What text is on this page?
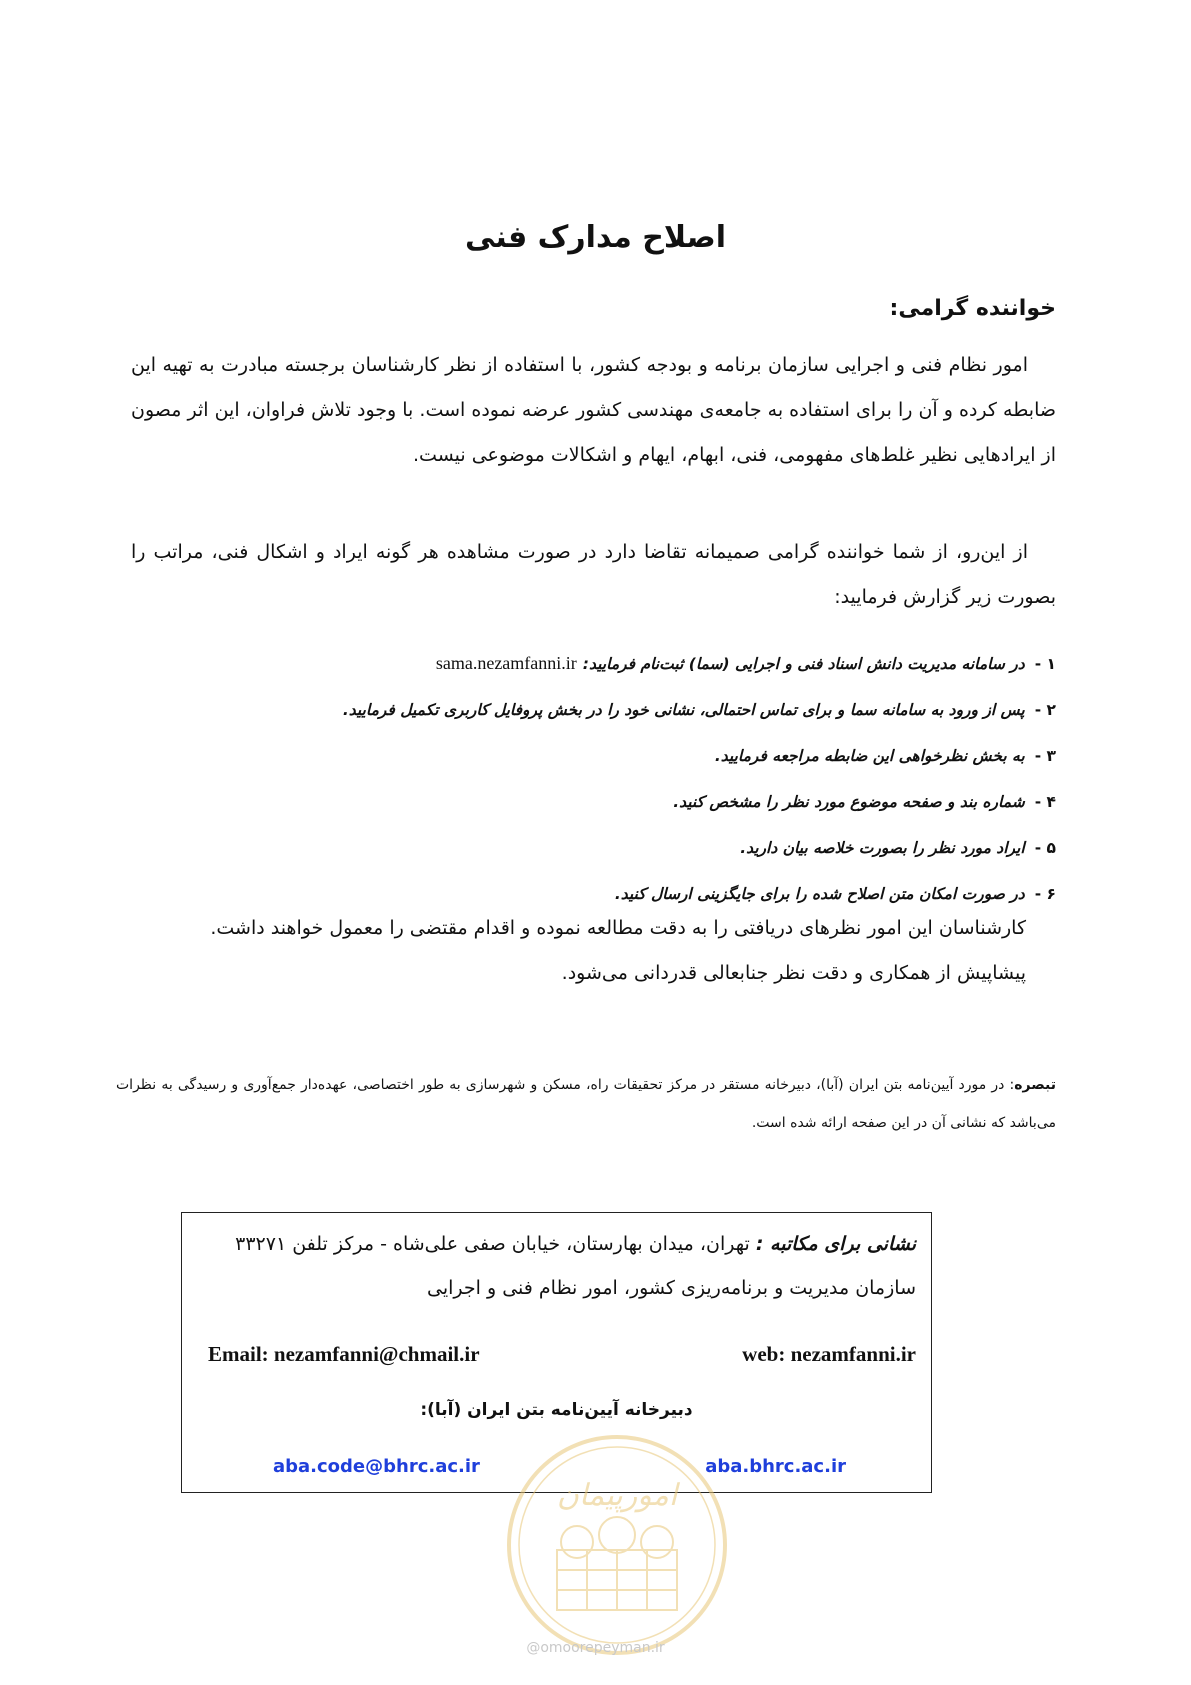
اصلاح مدارک فنی
خواننده گرامی:
امور نظام فنی و اجرایی سازمان برنامه و بودجه کشور، با استفاده از نظر کارشناسان برجسته مبادرت به تهیه این ضابطه کرده و آن را برای استفاده به جامعه‌ی مهندسی کشور عرضه نموده است. با وجود تلاش فراوان، این اثر مصون از ایرادهایی نظیر غلط‌های مفهومی، فنی، ابهام، ایهام و اشکالات موضوعی نیست.
از این‌رو، از شما خواننده گرامی صمیمانه تقاضا دارد در صورت مشاهده هر گونه ایراد و اشکال فنی، مراتب را بصورت زیر گزارش فرمایید:
۱ -در سامانه مدیریت دانش اسناد فنی و اجرایی (سما) ثبت‌نام فرمایید:sama.nezamfanni.ir
۲ -پس از ورود به سامانه سما و برای تماس احتمالی، نشانی خود را در بخش پروفایل کاربری تکمیل فرمایید.
۳ -به بخش نظرخواهی این ضابطه مراجعه فرمایید.
۴ -شماره بند و صفحه موضوع مورد نظر را مشخص کنید.
۵ -ایراد مورد نظر را بصورت خلاصه بیان دارید.
۶ -در صورت امکان متن اصلاح شده را برای جایگزینی ارسال کنید.
کارشناسان این امور نظرهای دریافتی را به دقت مطالعه نموده و اقدام مقتضی را معمول خواهند داشت.
پیشاپیش از همکاری و دقت نظر جنابعالی قدردانی می‌شود.
تبصره: در مورد آیین‌نامه بتن ایران (آبا)، دبیرخانه مستقر در مرکز تحقیقات راه، مسکن و شهرسازی به طور اختصاصی، عهده‌دار جمع‌آوری و رسیدگی به نظرات می‌باشد که نشانی آن در این صفحه ارائه شده است.
نشانی برای مکاتبه : تهران، میدان بهارستان، خیابان صفی علی‌شاه - مرکز تلفن ۳۳۲۷۱
سازمان مدیریت و برنامه‌ریزی کشور، امور نظام فنی و اجرایی
Email: nezamfanni@chmail.ir	web: nezamfanni.ir
دبیرخانه آیین‌نامه بتن ایران (آبا):
aba.code@bhrc.ac.ir	aba.bhrc.ac.ir
امورپیمان
@omoorepeyman.ir
